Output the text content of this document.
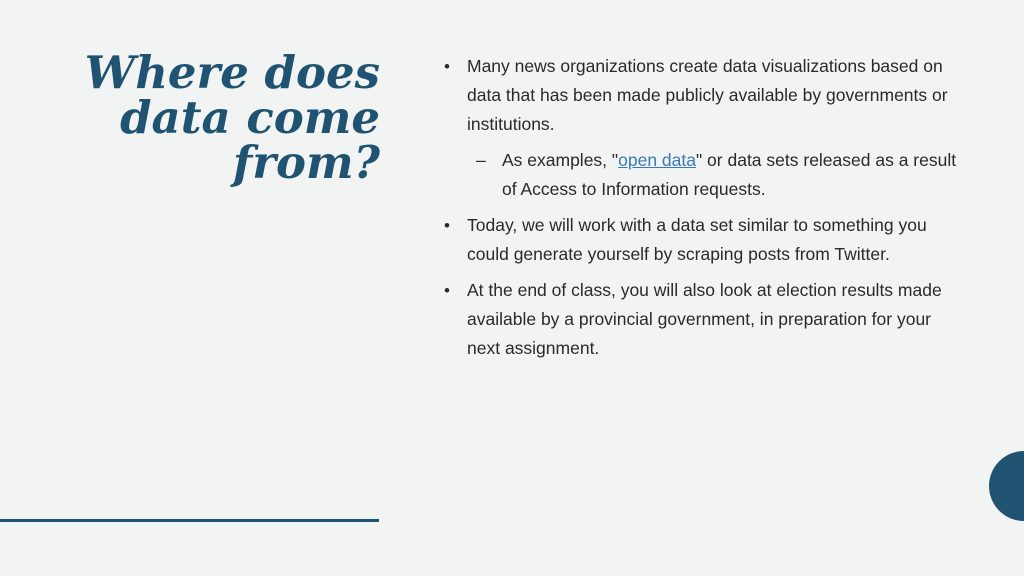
Where does
data come
from?
• Many news organizations create data visualizations based on data that has been made publicly available by governments or institutions.
– As examples, "open data" or data sets released as a result of Access to Information requests.
• Today, we will work with a data set similar to something you could generate yourself by scraping posts from Twitter.
• At the end of class, you will also look at election results made available by a provincial government, in preparation for your next assignment.
